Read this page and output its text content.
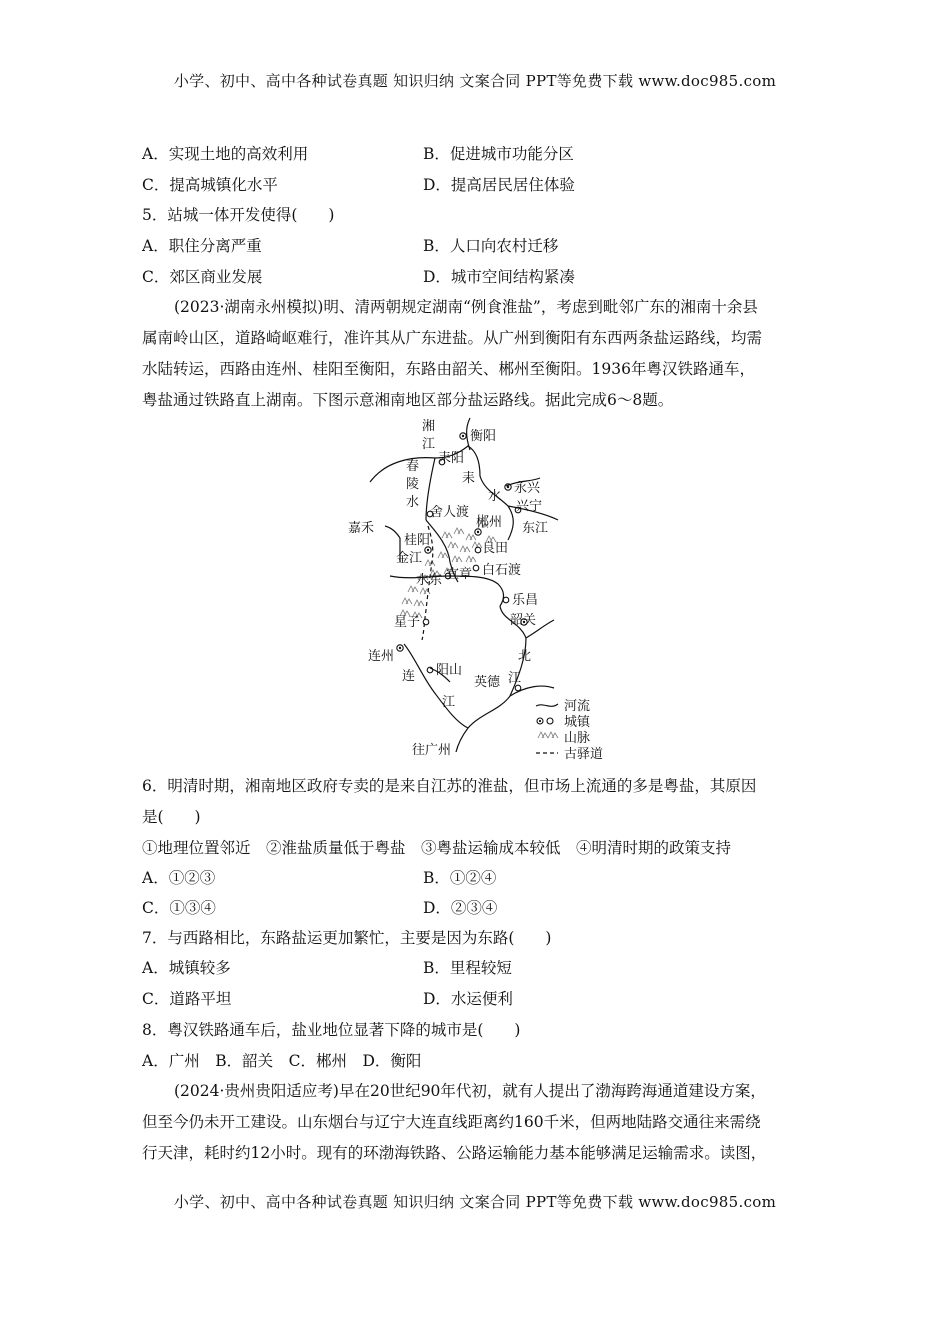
小学、初中、高中各种试卷真题 知识归纳 文案合同 PPT等免费下载 www.doc985.com
A．实现土地的高效利用	B．促进城市功能分区
C．提高城镇化水平	D．提高居民居住体验
5．站城一体开发使得(　　)
A．职住分离严重	B．人口向农村迁移
C．郊区商业发展	D．城市空间结构紧凑

(2023·湖南永州模拟)明、清两朝规定湖南“例食淮盐”，考虑到毗邻广东的湘南十余县

属南岭山区，道路崎岖难行，准许其从广东进盐。从广州到衡阳有东西两条盐运路线，均需

水陆转运，西路由连州、桂阳至衡阳，东路由韶关、郴州至衡阳。1936年粤汉铁路通车，

粤盐通过铁路直上湖南。下图示意湘南地区部分盐运路线。据此完成6～8题。

衡阳
耒阳
永兴
兴宁
东江
郴州
舍人渡
嘉禾
桂阳
金江
良田
白石渡
宜章
水东
乐昌
韶关
星子
连州
阳山
英德
往广州
湘
江
春
陵
水
耒
水
北
江
连
江	河流
城镇
山脉
古驿道
6．明清时期，湘南地区政府专卖的是来自江苏的淮盐，但市场上流通的多是粤盐，其原因
是(　　)
①地理位置邻近　②淮盐质量低于粤盐　③粤盐运输成本较低　④明清时期的政策支持
A．①②③	B．①②④
C．①③④	D．②③④
7．与西路相比，东路盐运更加繁忙，主要是因为东路(　　)
A．城镇较多	B．里程较短
C．道路平坦	D．水运便利
8．粤汉铁路通车后，盐业地位显著下降的城市是(　　)
A．广州　B．韶关　C．郴州　D．衡阳

(2024·贵州贵阳适应考)早在20世纪90年代初，就有人提出了渤海跨海通道建设方案，

但至今仍未开工建设。山东烟台与辽宁大连直线距离约160千米，但两地陆路交通往来需绕

行天津，耗时约12小时。现有的环渤海铁路、公路运输能力基本能够满足运输需求。读图，

小学、初中、高中各种试卷真题 知识归纳 文案合同 PPT等免费下载 www.doc985.com
